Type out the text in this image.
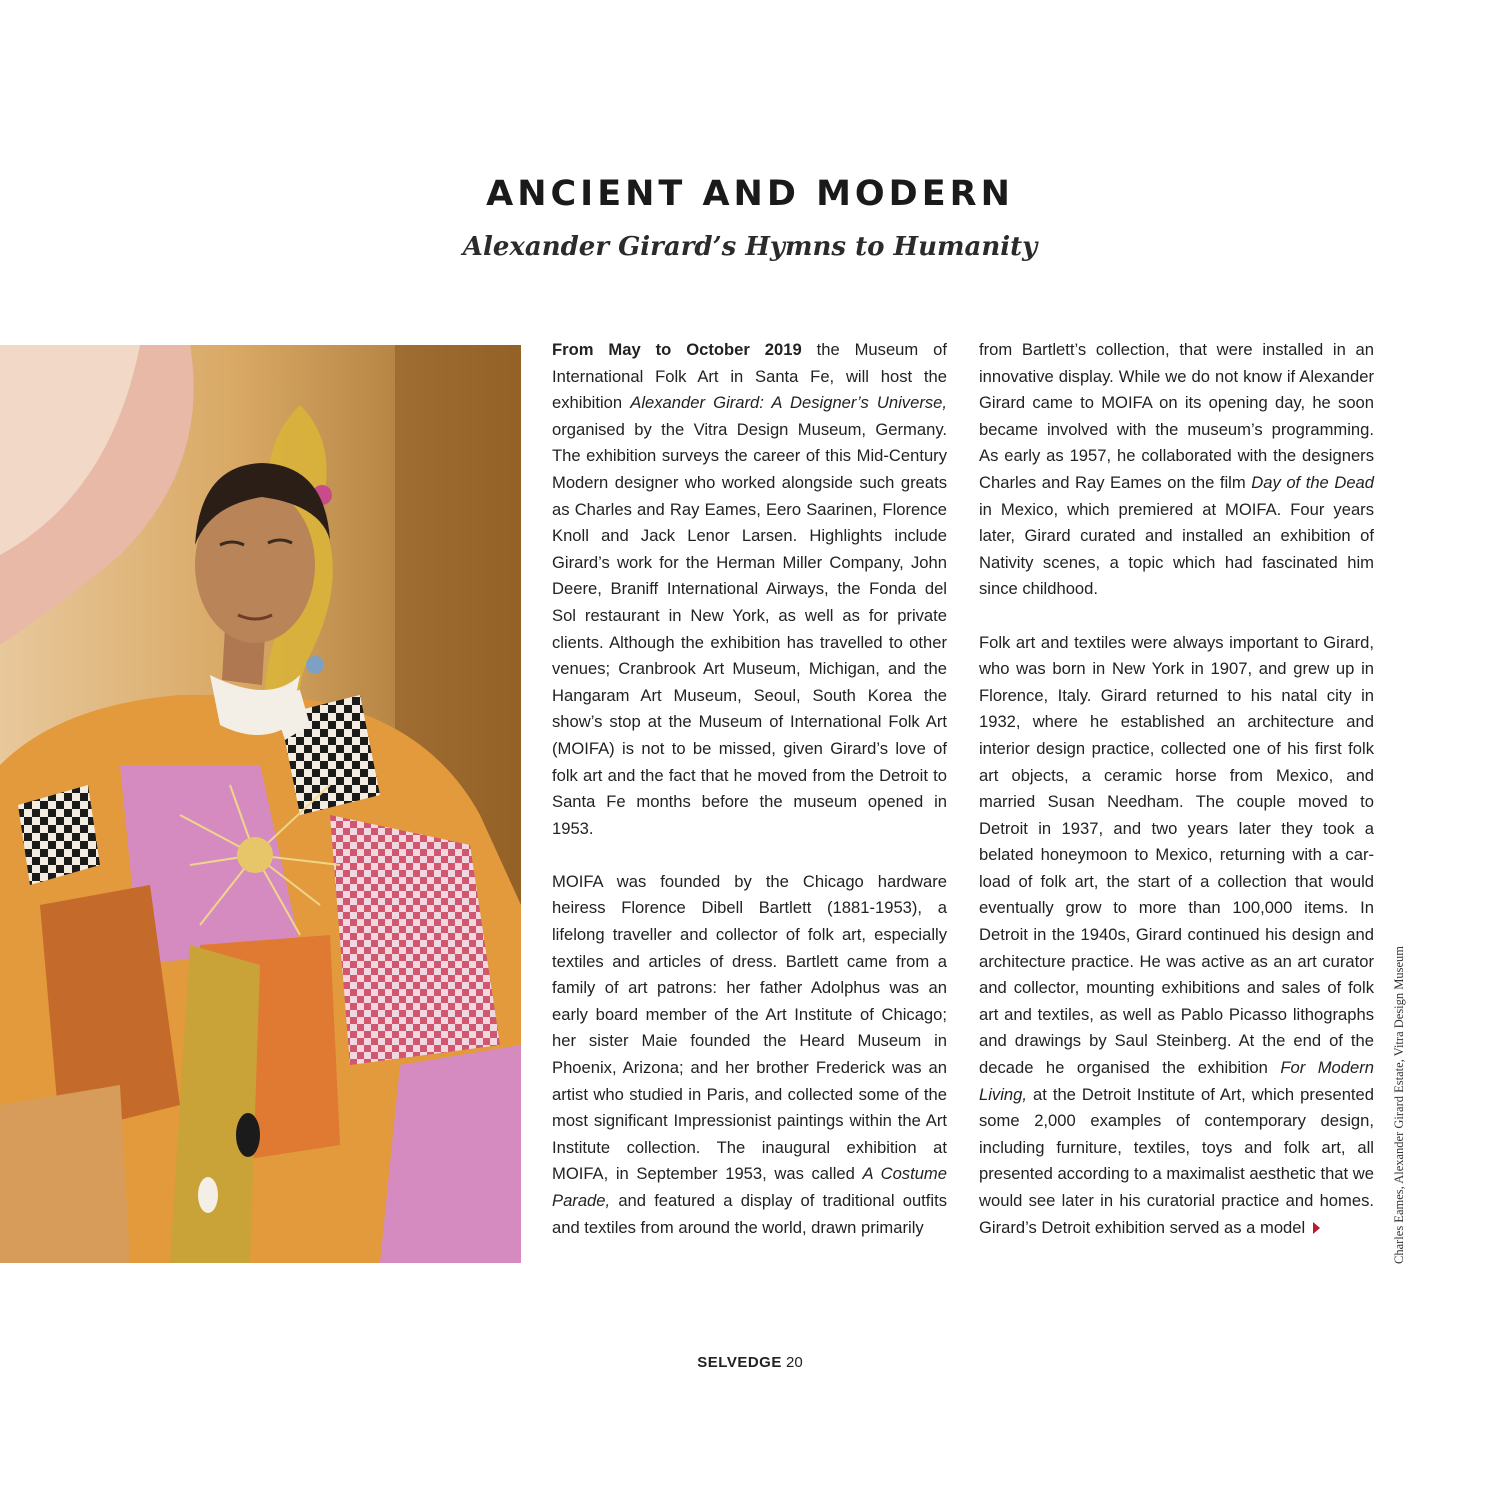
ANCIENT AND MODERN
Alexander Girard’s Hymns to Humanity

From May to October 2019 the Museum of International Folk Art in Santa Fe, will host the exhibition Alexander Girard: A Designer’s Universe, organised by the Vitra Design Museum, Germany. The exhibition surveys the career of this Mid-Century Modern designer who worked alongside such greats as Charles and Ray Eames, Eero Saarinen, Florence Knoll and Jack Lenor Larsen. Highlights include Girard’s work for the Herman Miller Company, John Deere, Braniff International Airways, the Fonda del Sol restaurant in New York, as well as for private clients. Although the exhibition has travelled to other venues; Cranbrook Art Museum, Michigan, and the Hangaram Art Museum, Seoul, South Korea the show’s stop at the Museum of International Folk Art (MOIFA) is not to be missed, given Girard’s love of folk art and the fact that he moved from the Detroit to Santa Fe months before the museum opened in 1953.

MOIFA was founded by the Chicago hardware heiress Florence Dibell Bartlett (1881-1953), a lifelong traveller and collector of folk art, especially textiles and articles of dress. Bartlett came from a family of art patrons: her father Adolphus was an early board member of the Art Institute of Chicago; her sister Maie founded the Heard Museum in Phoenix, Arizona; and her brother Frederick was an artist who studied in Paris, and collected some of the most significant Impressionist paintings within the Art Institute collection. The inaugural exhibition at MOIFA, in September 1953, was called A Costume Parade, and featured a display of traditional outfits and textiles from around the world, drawn primarily

from Bartlett’s collection, that were installed in an innovative display. While we do not know if Alexander Girard came to MOIFA on its opening day, he soon became involved with the museum’s programming. As early as 1957, he collaborated with the designers Charles and Ray Eames on the film Day of the Dead in Mexico, which premiered at MOIFA. Four years later, Girard curated and installed an exhibition of Nativity scenes, a topic which had fascinated him since childhood.

Folk art and textiles were always important to Girard, who was born in New York in 1907, and grew up in Florence, Italy. Girard returned to his natal city in 1932, where he established an architecture and interior design practice, collected one of his first folk art objects, a ceramic horse from Mexico, and married Susan Needham. The couple moved to Detroit in 1937, and two years later they took a belated honeymoon to Mexico, returning with a car-load of folk art, the start of a collection that would eventually grow to more than 100,000 items. In Detroit in the 1940s, Girard continued his design and architecture practice. He was active as an art curator and collector, mounting exhibitions and sales of folk art and textiles, as well as Pablo Picasso lithographs and drawings by Saul Steinberg. At the end of the decade he organised the exhibition For Modern Living, at the Detroit Institute of Art, which presented some 2,000 examples of contemporary design, including furniture, textiles, toys and folk art, all presented according to a maximalist aesthetic that we would see later in his curatorial practice and homes. Girard’s Detroit exhibition served as a model	Charles Eames, Alexander Girard Estate, Vitra Design Museum
SELVEDGE 20
